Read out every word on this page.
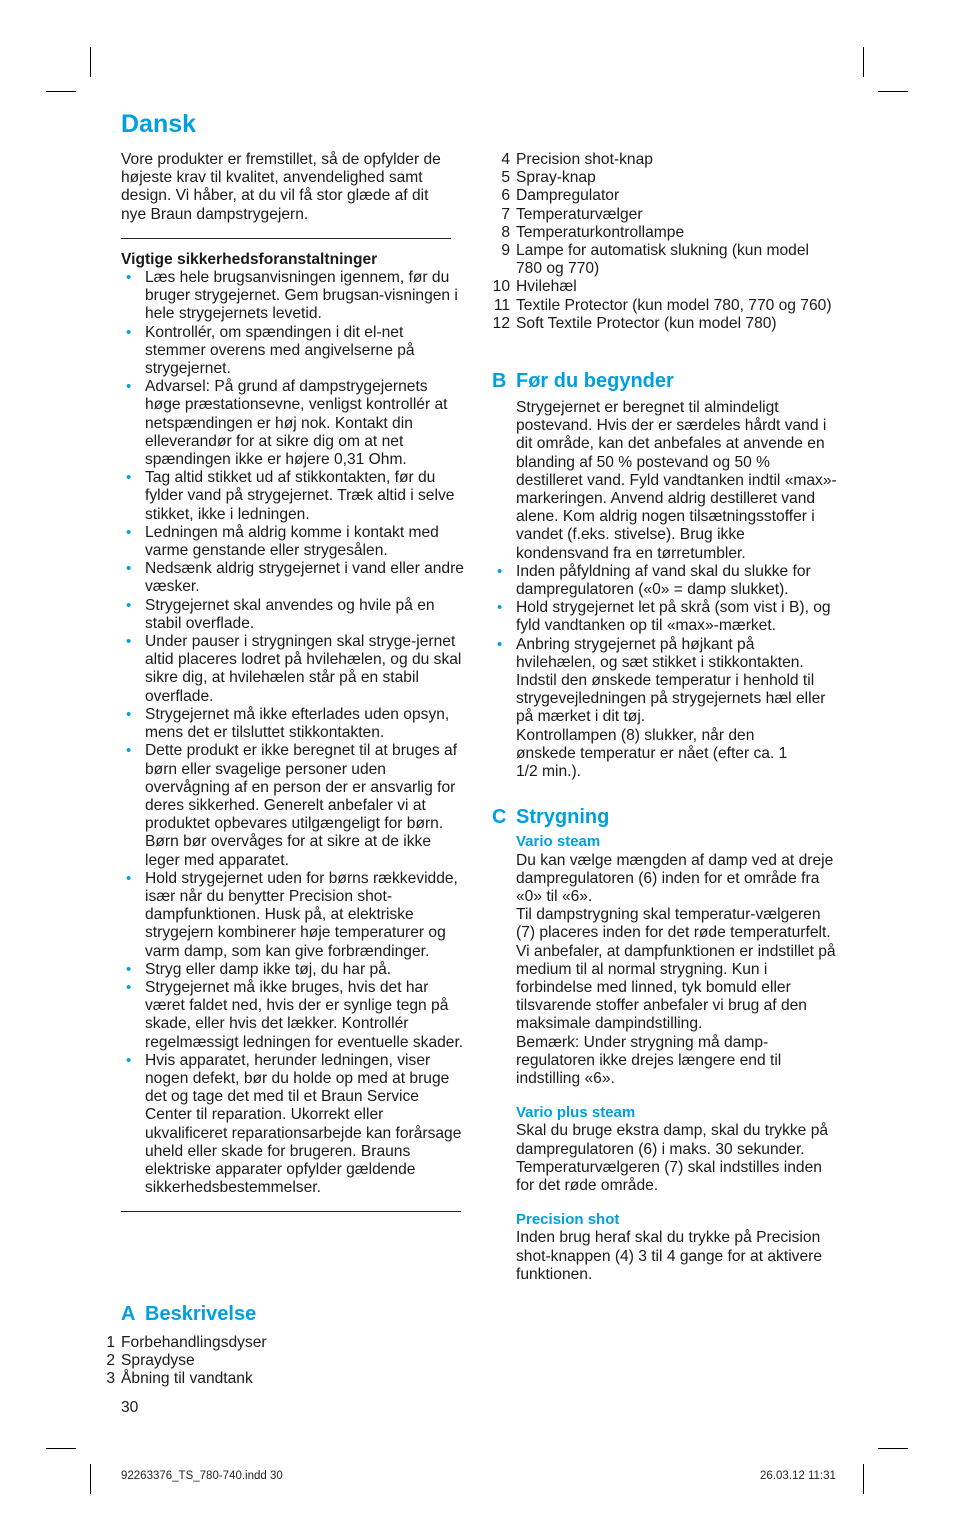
Dansk

Vore produkter er fremstillet, så de opfylder de højeste krav til kvalitet, anvendelighed samt design. Vi håber, at du vil få stor glæde af dit nye Braun dampstrygejern.

Vigtige sikkerhedsforanstaltninger

• Læs hele brugsanvisningen igennem, før du bruger strygejernet. Gem brugsan-visningen i hele strygejernets levetid.
• Kontrollér, om spændingen i dit el-net stemmer overens med angivelserne på strygejernet.
• Advarsel: På grund af dampstrygejernets høge præstationsevne, venligst kontrollér at netspændingen er høj nok. Kontakt din elleverandør for at sikre dig om at net spændingen ikke er højere 0,31 Ohm.
• Tag altid stikket ud af stikkontakten, før du fylder vand på strygejernet. Træk altid i selve stikket, ikke i ledningen.
• Ledningen må aldrig komme i kontakt med varme genstande eller strygesålen.
• Nedsænk aldrig strygejernet i vand eller andre væsker.
• Strygejernet skal anvendes og hvile på en stabil overflade.
• Under pauser i strygningen skal stryge-jernet altid placeres lodret på hvilehælen, og du skal sikre dig, at hvilehælen står på en stabil overflade.
• Strygejernet må ikke efterlades uden opsyn, mens det er tilsluttet stikkontakten.
• Dette produkt er ikke beregnet til at bruges af børn eller svagelige personer uden overvågning af en person der er ansvarlig for deres sikkerhed. Generelt anbefaler vi at produktet opbevares utilgængeligt for børn. Børn bør overvåges for at sikre at de ikke leger med apparatet.
• Hold strygejernet uden for børns rækkevidde, især når du benytter Precision shot-dampfunktionen. Husk på, at elektriske strygejern kombinerer høje temperaturer og varm damp, som kan give forbrændinger.
• Stryg eller damp ikke tøj, du har på.
• Strygejernet må ikke bruges, hvis det har været faldet ned, hvis der er synlige tegn på skade, eller hvis det lækker. Kontrollér regelmæssigt ledningen for eventuelle skader.
• Hvis apparatet, herunder ledningen, viser nogen defekt, bør du holde op med at bruge det og tage det med til et Braun Service Center til reparation. Ukorrekt eller ukvalificeret reparationsarbejde kan forårsage uheld eller skade for brugeren. Brauns elektriske apparater opfylder gældende sikkerhedsbestemmelser.
A Beskrivelse
1 Forbehandlingsdyser
2 Spraydyse
3 Åbning til vandtank
30
4 Precision shot-knap
5 Spray-knap
6 Dampregulator
7 Temperaturvælger
8 Temperaturkontrollampe
9 Lampe for automatisk slukning (kun model 780 og 770)
10 Hvilehæl
11 Textile Protector (kun model 780, 770 og 760)
12 Soft Textile Protector (kun model 780)
B Før du begynder

Strygejernet er beregnet til almindeligt postevand. Hvis der er særdeles hårdt vand i dit område, kan det anbefales at anvende en blanding af 50 % postevand og 50 % destilleret vand. Fyld vandtanken indtil «max»-markeringen. Anvend aldrig destilleret vand alene. Kom aldrig nogen tilsætningsstoffer i vandet (f.eks. stivelse). Brug ikke kondensvand fra en tørretumbler.

• Inden påfyldning af vand skal du slukke for dampregulatoren («0» = damp slukket).
• Hold strygejernet let på skrå (som vist i B), og fyld vandtanken op til «max»-mærket.
• Anbring strygejernet på højkant på hvilehælen, og sæt stikket i stikkontakten. Indstil den ønskede temperatur i henhold til strygevejledningen på strygejernets hæl eller på mærket i dit tøj.

Kontrollampen (8) slukker, når den ønskede temperatur er nået (efter ca. 1 1/2 min.).

C Strygning

Vario steam

Du kan vælge mængden af damp ved at dreje dampregulatoren (6) inden for et område fra «0» til «6».

Til dampstrygning skal temperatur-vælgeren (7) placeres inden for det røde temperaturfelt.

Vi anbefaler, at dampfunktionen er indstillet på medium til al normal strygning. Kun i forbindelse med linned, tyk bomuld eller tilsvarende stoffer anbefaler vi brug af den maksimale dampindstilling.

Bemærk: Under strygning må damp-regulatoren ikke drejes længere end til indstilling «6».

Vario plus steam

Skal du bruge ekstra damp, skal du trykke på dampregulatoren (6) i maks. 30 sekunder.

Temperaturvælgeren (7) skal indstilles inden for det røde område.

Precision shot

Inden brug heraf skal du trykke på Precision shot-knappen (4) 3 til 4 gange for at aktivere funktionen.

92263376_TS_780-740.indd 30	26.03.12 11:31
